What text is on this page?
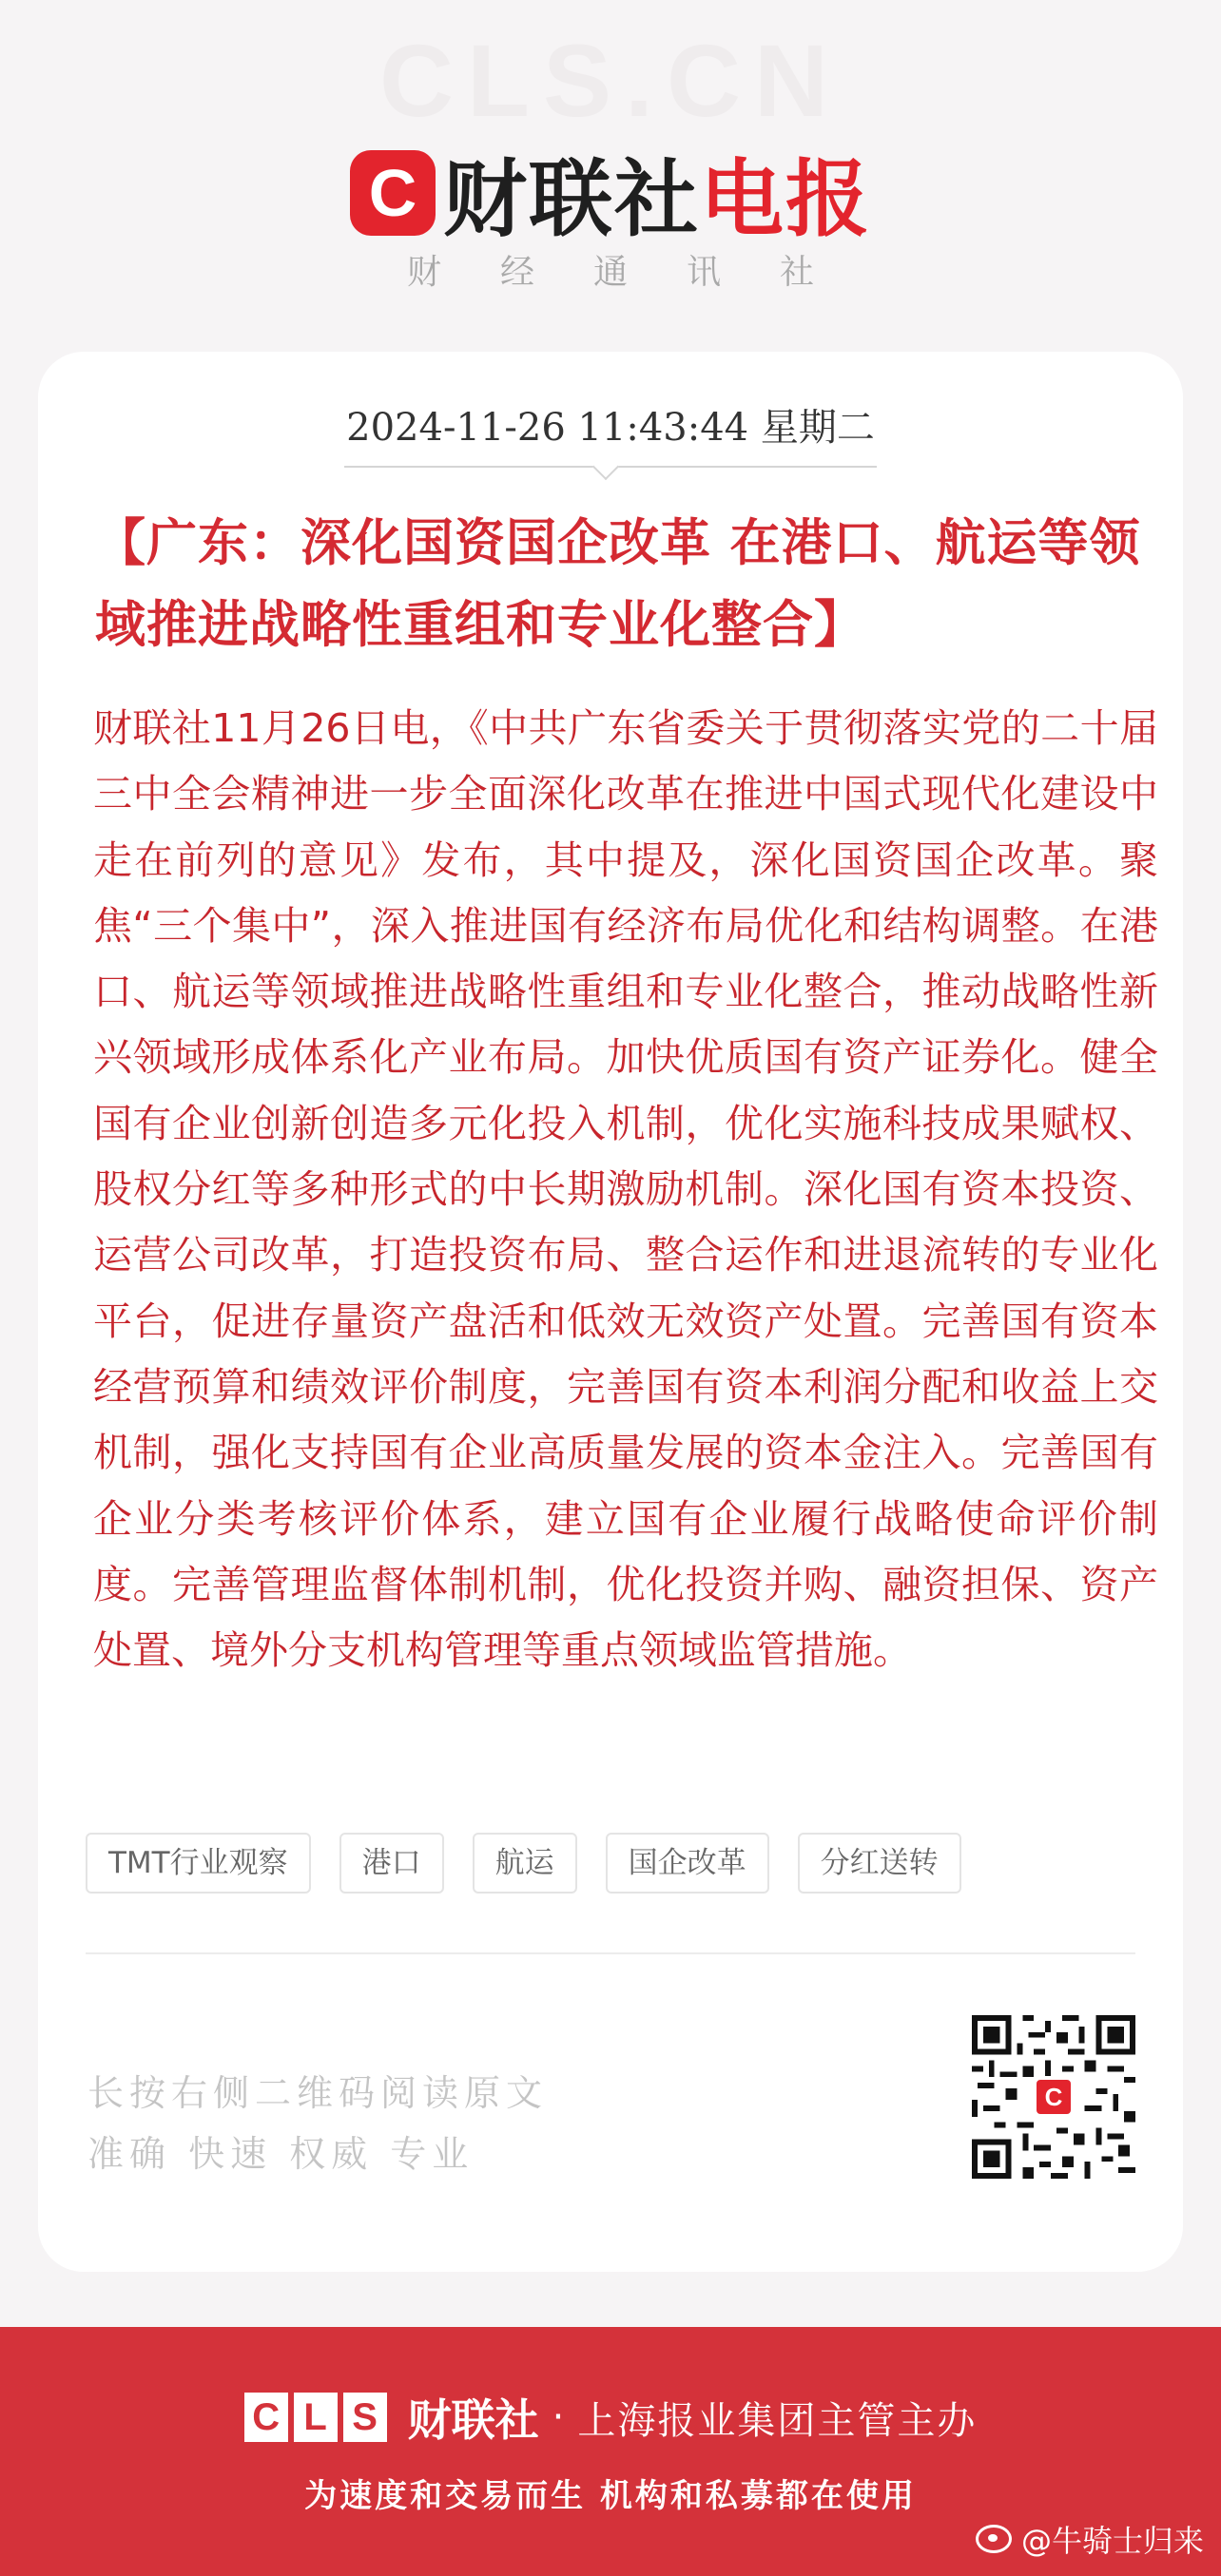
CLS.CN
C 财联社 电报
财经通讯社
2024-11-26 11:43:44 星期二
【广东：深化国资国企改革 在港口、航运等领域推进战略性重组和专业化整合】
财联社11月26日电，《中共广东省委关于贯彻落实党的二十届三中全会精神进一步全面深化改革在推进中国式现代化建设中走在前列的意见》发布，其中提及，深化国资国企改革。聚焦“三个集中”，深入推进国有经济布局优化和结构调整。在港口、航运等领域推进战略性重组和专业化整合，推动战略性新兴领域形成体系化产业布局。加快优质国有资产证券化。健全国有企业创新创造多元化投入机制，优化实施科技成果赋权、股权分红等多种形式的中长期激励机制。深化国有资本投资、运营公司改革，打造投资布局、整合运作和进退流转的专业化平台，促进存量资产盘活和低效无效资产处置。完善国有资本经营预算和绩效评价制度，完善国有资本利润分配和收益上交机制，强化支持国有企业高质量发展的资本金注入。完善国有企业分类考核评价体系，建立国有企业履行战略使命评价制度。完善管理监督体制机制，优化投资并购、融资担保、资产处置、境外分支机构管理等重点领域监管措施。
TMT行业观察	港口	航运	国企改革	分红送转
长按右侧二维码阅读原文
准确 快速 权威 专业
C
C L S 财联社 · 上海报业集团主管主办
为速度和交易而生 机构和私募都在使用
@牛骑士归来
